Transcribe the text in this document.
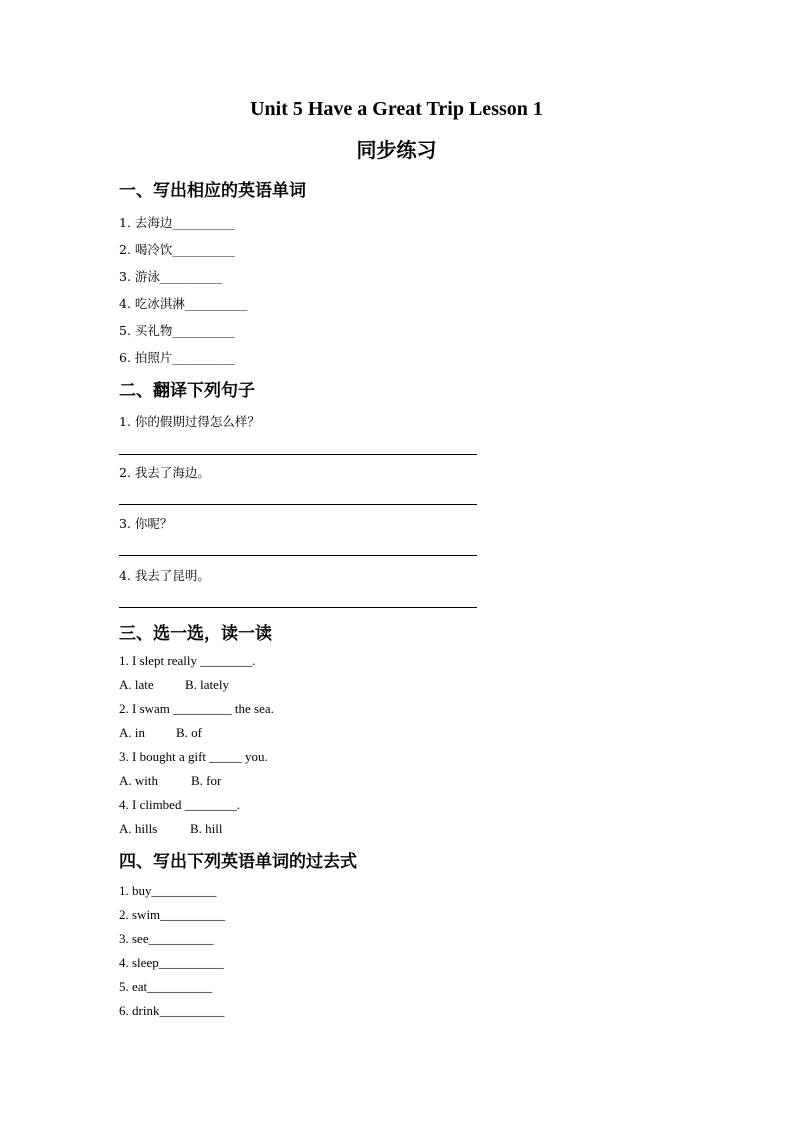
Unit 5 Have a Great Trip Lesson 1
同步练习
一、写出相应的英语单词
1. 去海边__________
2. 喝冷饮__________
3. 游泳__________
4. 吃冰淇淋__________
5. 买礼物__________
6. 拍照片__________
二、翻译下列句子
1. 你的假期过得怎么样？
2. 我去了海边。
3. 你呢？
4. 我去了昆明。
三、选一选，读一读
1. I slept really ________.
A. late B. lately
2. I swam _________ the sea.
A. in B. of
3. I bought a gift _____ you.
A. with	B. for
4. I climbed ________.
A. hills	B. hill
四、写出下列英语单词的过去式
1. buy__________
2. swim__________
3. see__________
4. sleep__________
5. eat__________
6. drink__________
